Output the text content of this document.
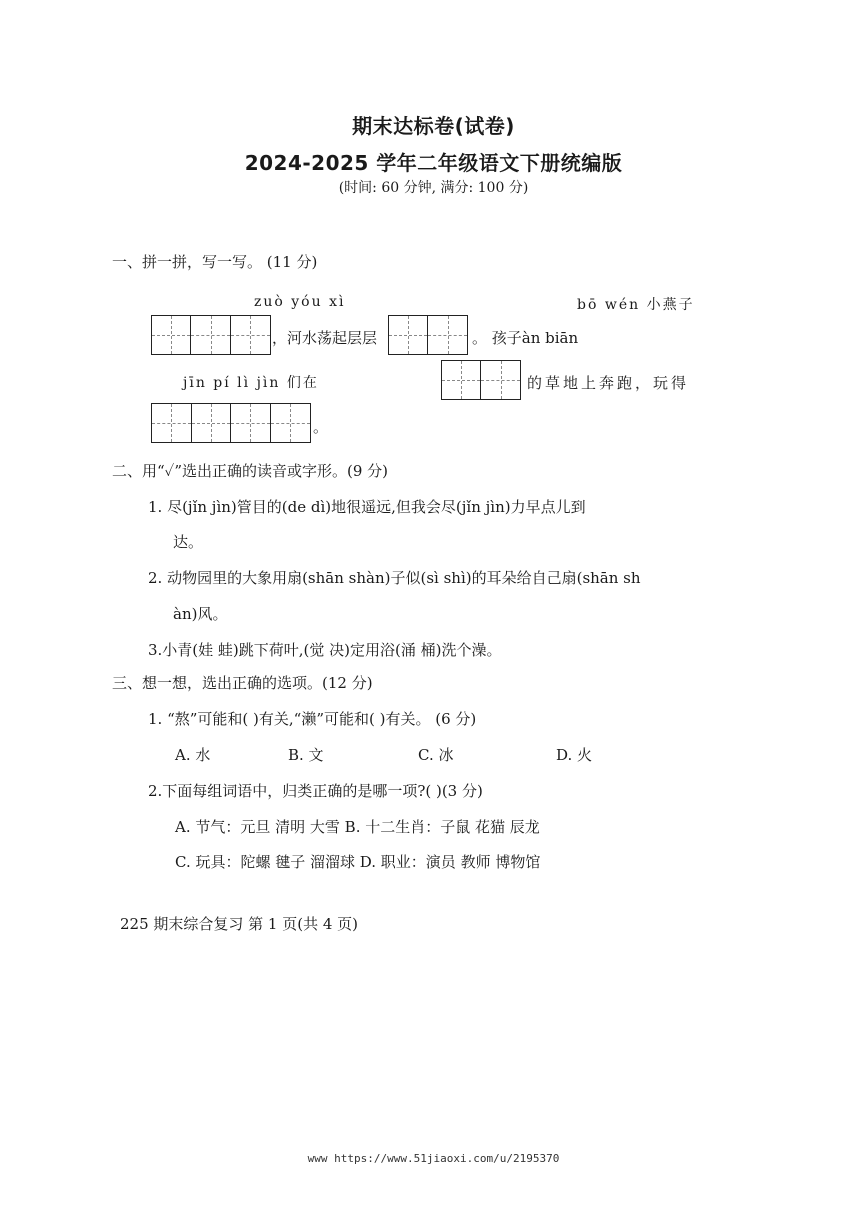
期末达标卷(试卷)
2024-2025 学年二年级语文下册统编版
(时间: 60 分钟, 满分: 100 分)
一、拼一拼，写一写。 (11 分)
zuò yóu xì	bō wén 小燕子
，河水荡起层层	。 孩子àn biān
jīn pí lì jìn 们在	的草地上奔跑，玩得
。
二、用“✓”选出正确的读音或字形。(9 分)
1. 尽(jǐn jìn)管目的(de dì)地很遥远,但我会尽(jǐn jìn)力早点儿到
达。
2. 动物园里的大象用扇(shān shàn)子似(sì shì)的耳朵给自己扇(shān sh
àn)风。
3.小青(娃 蛙)跳下荷叶,(觉 决)定用浴(涌 桶)洗个澡。
三、想一想，选出正确的选项。(12 分)
1. “熬”可能和( )有关,“濑”可能和( )有关。 (6 分)
A. 水	B. 文	C. 冰	D. 火
2.下面每组词语中，归类正确的是哪一项?( )(3 分)
A. 节气：元旦 清明 大雪 B. 十二生肖：子鼠 花猫 辰龙
C. 玩具：陀螺 毽子 溜溜球 D. 职业：演员 教师 博物馆
225 期末综合复习 第 1 页(共 4 页)
www https://www.51jiaoxi.com/u/2195370
